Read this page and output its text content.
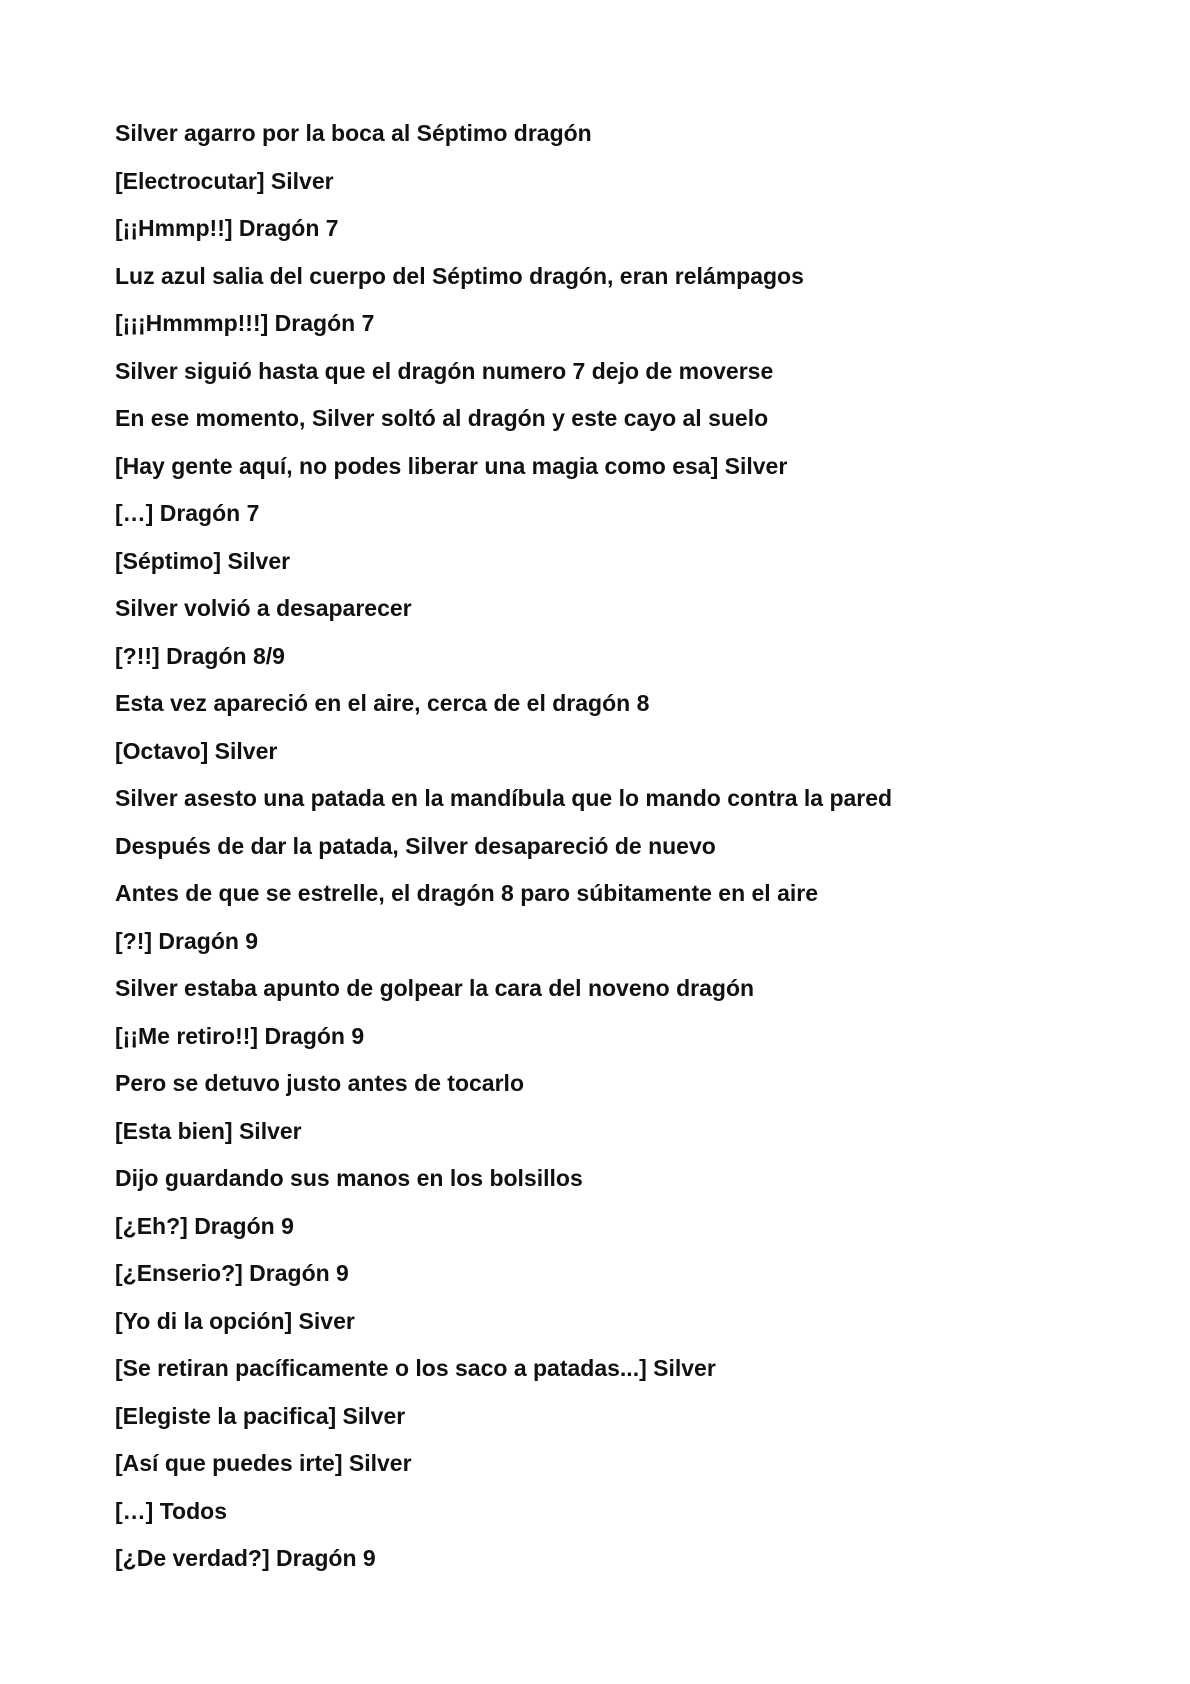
Silver agarro por la boca al Séptimo dragón

[Electrocutar] Silver

[¡¡Hmmp!!] Dragón 7

Luz azul salia del cuerpo del Séptimo dragón, eran relámpagos

[¡¡¡Hmmmp!!!] Dragón 7

Silver siguió hasta que el dragón numero 7 dejo de moverse

En ese momento, Silver soltó al dragón y este cayo al suelo

[Hay gente aquí, no podes liberar una magia como esa] Silver

[…] Dragón 7

[Séptimo] Silver

Silver volvió a desaparecer

[?!!] Dragón 8/9

Esta vez apareció en el aire, cerca de el dragón 8

[Octavo] Silver

Silver asesto una patada en la mandíbula que lo mando contra la pared

Después de dar la patada, Silver desapareció de nuevo

Antes de que se estrelle, el dragón 8 paro súbitamente en el aire

[?!] Dragón 9

Silver estaba apunto de golpear la cara del noveno dragón

[¡¡Me retiro!!] Dragón 9

Pero se detuvo justo antes de tocarlo

[Esta bien] Silver

Dijo guardando sus manos en los bolsillos

[¿Eh?] Dragón 9

[¿Enserio?] Dragón 9

[Yo di la opción] Siver

[Se retiran pacíficamente o los saco a patadas...] Silver

[Elegiste la pacifica] Silver

[Así que puedes irte] Silver

[…] Todos

[¿De verdad?] Dragón 9
